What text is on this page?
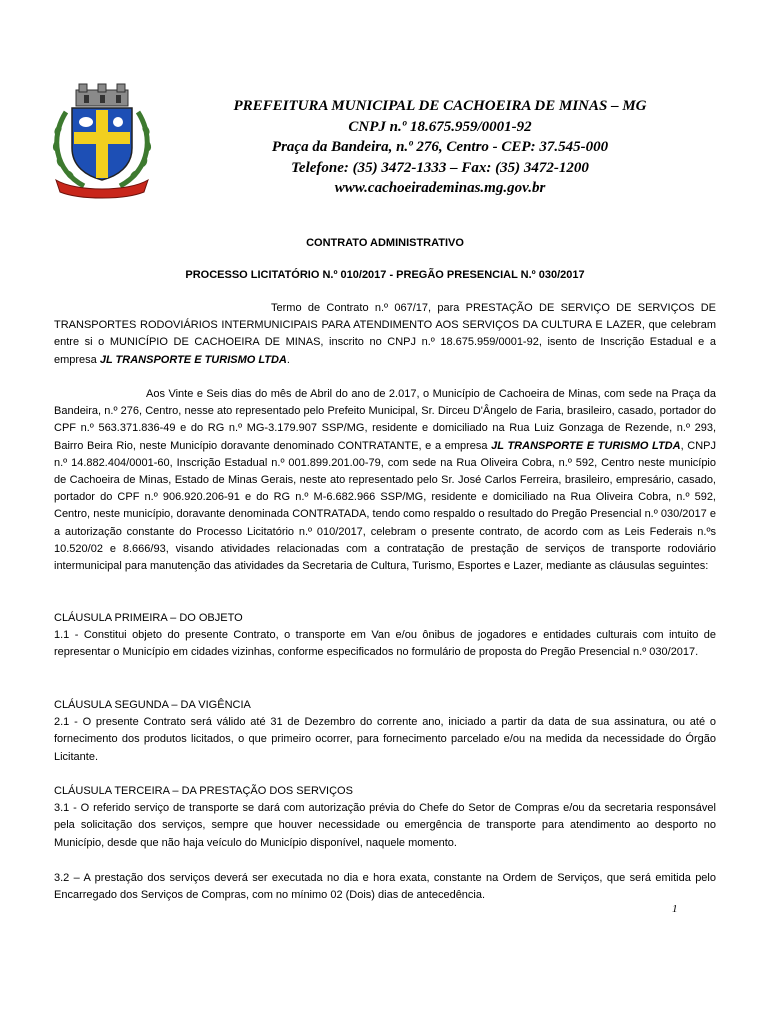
PREFEITURA MUNICIPAL DE CACHOEIRA DE MINAS – MG
CNPJ n.º 18.675.959/0001-92
Praça da Bandeira, n.º 276, Centro - CEP: 37.545-000
Telefone: (35) 3472-1333 – Fax: (35) 3472-1200
www.cachoeirademinas.mg.gov.br
CONTRATO ADMINISTRATIVO
PROCESSO LICITATÓRIO N.º 010/2017 - PREGÃO PRESENCIAL N.º 030/2017

Termo de Contrato n.º 067/17, para PRESTAÇÃO DE SERVIÇO DE SERVIÇOS DE TRANSPORTES RODOVIÁRIOS INTERMUNICIPAIS PARA ATENDIMENTO AOS SERVIÇOS DA CULTURA E LAZER, que celebram entre si o MUNICÍPIO DE CACHOEIRA DE MINAS, inscrito no CNPJ n.º 18.675.959/0001-92, isento de Inscrição Estadual e a empresa JL TRANSPORTE E TURISMO LTDA.

Aos Vinte e Seis dias do mês de Abril do ano de 2.017, o Município de Cachoeira de Minas, com sede na Praça da Bandeira, n.º 276, Centro, nesse ato representado pelo Prefeito Municipal, Sr. Dirceu D'Ângelo de Faria, brasileiro, casado, portador do CPF n.º 563.371.836-49 e do RG n.º MG-3.179.907 SSP/MG, residente e domiciliado na Rua Luiz Gonzaga de Rezende, n.º 293, Bairro Beira Rio, neste Município doravante denominado CONTRATANTE, e a empresa JL TRANSPORTE E TURISMO LTDA, CNPJ n.º 14.882.404/0001-60, Inscrição Estadual n.º 001.899.201.00-79, com sede na Rua Oliveira Cobra, n.º 592, Centro neste município de Cachoeira de Minas, Estado de Minas Gerais, neste ato representado pelo Sr. José Carlos Ferreira, brasileiro, empresário, casado, portador do CPF n.º 906.920.206-91 e do RG n.º M-6.682.966 SSP/MG, residente e domiciliado na Rua Oliveira Cobra, n.º 592, Centro, neste município, doravante denominada CONTRATADA, tendo como respaldo o resultado do Pregão Presencial n.º 030/2017 e a autorização constante do Processo Licitatório n.º 010/2017, celebram o presente contrato, de acordo com as Leis Federais n.ºs 10.520/02 e 8.666/93, visando atividades relacionadas com a contratação de prestação de serviços de transporte rodoviário intermunicipal para manutenção das atividades da Secretaria de Cultura, Turismo, Esportes e Lazer, mediante as cláusulas seguintes:

CLÁUSULA PRIMEIRA – DO OBJETO
1.1 - Constitui objeto do presente Contrato, o transporte em Van e/ou ônibus de jogadores e entidades culturais com intuito de representar o Município em cidades vizinhas, conforme especificados no formulário de proposta do Pregão Presencial n.º 030/2017.
CLÁUSULA SEGUNDA – DA VIGÊNCIA
2.1 - O presente Contrato será válido até 31 de Dezembro do corrente ano, iniciado a partir da data de sua assinatura, ou até o fornecimento dos produtos licitados, o que primeiro ocorrer, para fornecimento parcelado e/ou na medida da necessidade do Órgão Licitante.
CLÁUSULA TERCEIRA – DA PRESTAÇÃO DOS SERVIÇOS
3.1 - O referido serviço de transporte se dará com autorização prévia do Chefe do Setor de Compras e/ou da secretaria responsável pela solicitação dos serviços, sempre que houver necessidade ou emergência de transporte para atendimento ao desporto no Município, desde que não haja veículo do Município disponível, naquele momento.
3.2 – A prestação dos serviços deverá ser executada no dia e hora exata, constante na Ordem de Serviços, que será emitida pelo Encarregado dos Serviços de Compras, com no mínimo 02 (Dois) dias de antecedência.
1
